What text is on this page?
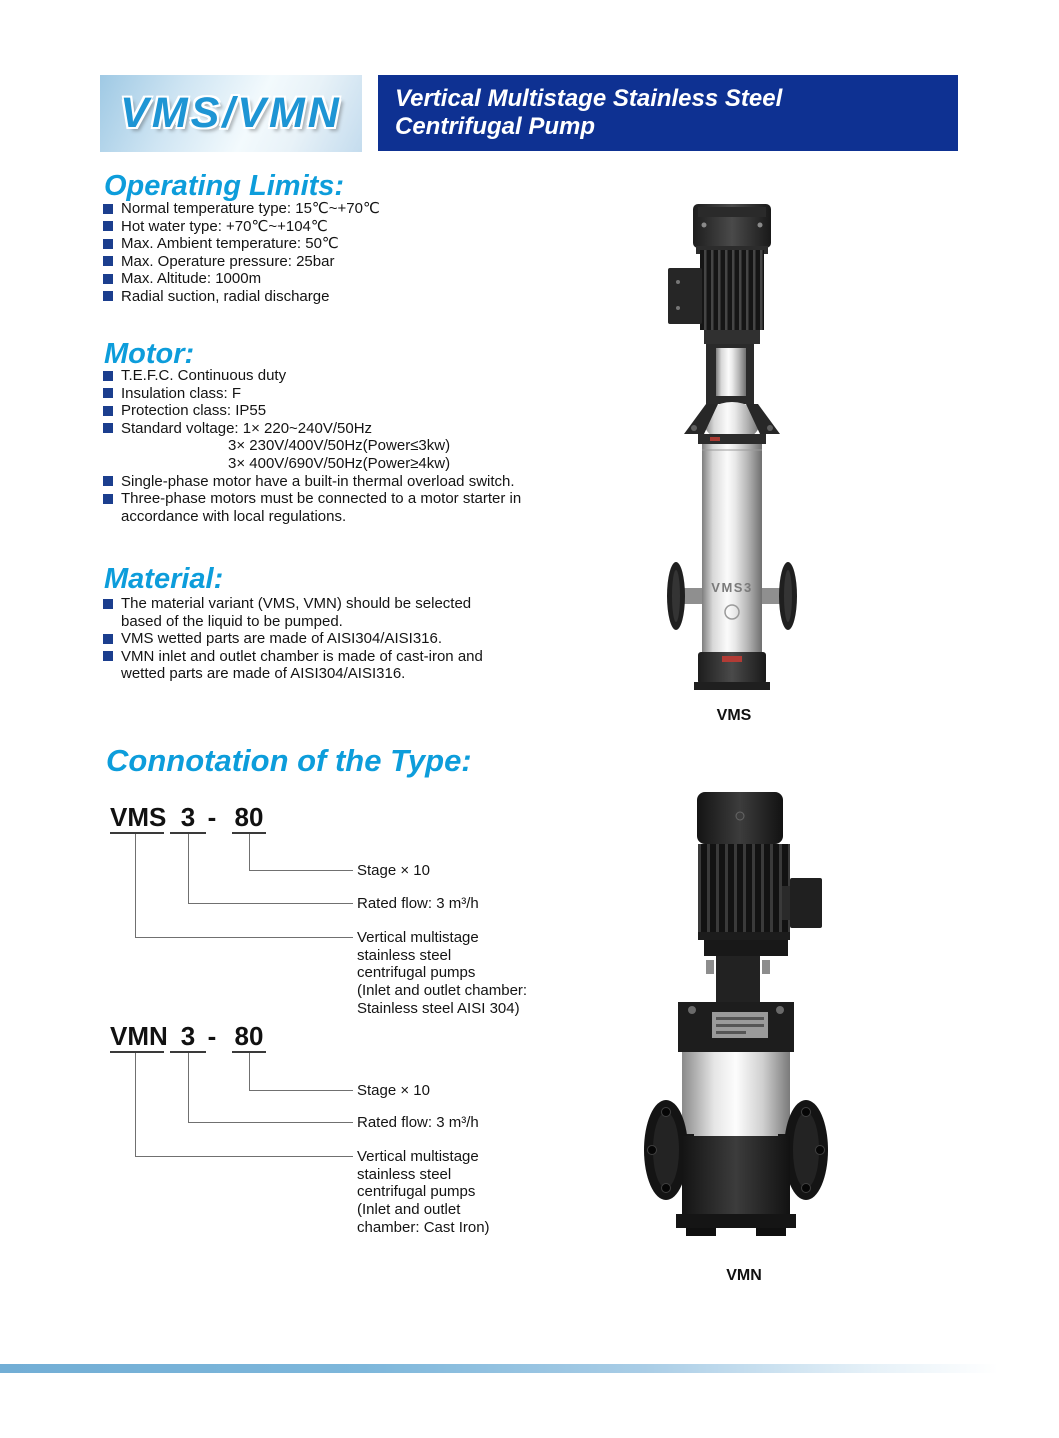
VMS/VMN Vertical Multistage Stainless Steel
Centrifugal Pump
Operating Limits:
Normal temperature type: 15℃~+70℃
Hot water type: +70℃~+104℃
Max. Ambient temperature: 50℃
Max. Operature pressure: 25bar
Max. Altitude: 1000m
Radial suction, radial discharge
Motor:
T.E.F.C. Continuous duty
Insulation class: F
Protection class: IP55
Standard voltage: 1× 220~240V/50Hz
3× 230V/400V/50Hz(Power≤3kw)
3× 400V/690V/50Hz(Power≥4kw)
Single-phase motor have a built-in thermal overload switch.
Three-phase motors must be connected to a motor starter in
accordance with local regulations.
Material:
The material variant (VMS, VMN) should be selected
based of the liquid to be pumped.
VMS wetted parts are made of AISI304/AISI316.
VMN inlet and outlet chamber is made of cast-iron and
wetted parts are made of AISI304/AISI316.
Connotation of the Type:
VMS 3 - 80
Stage × 10
Rated flow: 3 m³/h
Vertical multistage
stainless steel
centrifugal pumps
(Inlet and outlet chamber:
Stainless steel AISI 304)
VMN 3 - 80
Stage × 10
Rated flow: 3 m³/h
Vertical multistage
stainless steel
centrifugal pumps
(Inlet and outlet
chamber: Cast Iron)
VMS3
VMS
VMN
